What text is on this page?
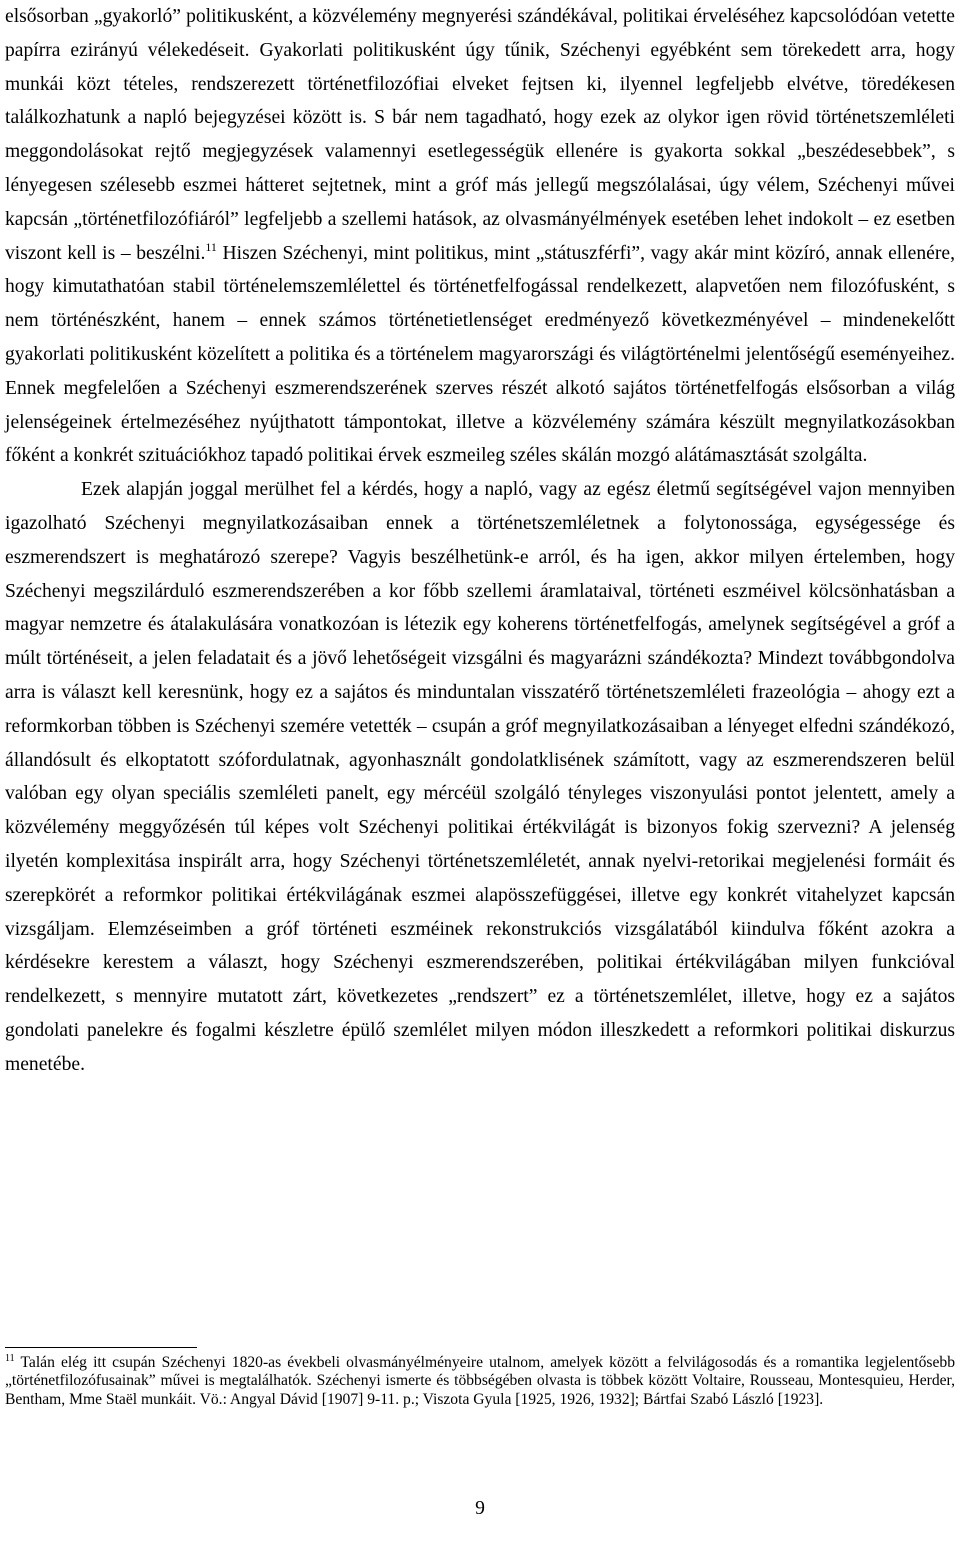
elsősorban „gyakorló” politikusként, a közvélemény megnyerési szándékával, politikai érveléséhez kapcsolódóan vetette papírra ezirányú vélekedéseit. Gyakorlati politikusként úgy tűnik, Széchenyi egyébként sem törekedett arra, hogy munkái közt tételes, rendszerezett történetfilozófiai elveket fejtsen ki, ilyennel legfeljebb elvétve, töredékesen találkozhatunk a napló bejegyzései között is. S bár nem tagadható, hogy ezek az olykor igen rövid történetszemléleti meggondolásokat rejtő megjegyzések valamennyi esetlegességük ellenére is gyakorta sokkal „beszédesebbek”, s lényegesen szélesebb eszmei hátteret sejtetnek, mint a gróf más jellegű megszólalásai, úgy vélem, Széchenyi művei kapcsán „történetfilozófiáról” legfeljebb a szellemi hatások, az olvasmányélmények esetében lehet indokolt – ez esetben viszont kell is – beszélni.$^{11}$ Hiszen Széchenyi, mint politikus, mint „státuszférfi”, vagy akár mint közíró, annak ellenére, hogy kimutathatóan stabil történelemszemlélettel és történetfelfogással rendelkezett, alapvetően nem filozófusként, s nem történészként, hanem – ennek számos történetietlenséget eredményező következményével – mindenekelőtt gyakorlati politikusként közelített a politika és a történelem magyarországi és világtörténelmi jelentőségű eseményeihez. Ennek megfelelően a Széchenyi eszmerendszerének szerves részét alkotó sajátos történetfelfogás elsősorban a világ jelenségeinek értelmezéséhez nyújthatott támpontokat, illetve a közvélemény számára készült megnyilatkozásokban főként a konkrét szituációkhoz tapadó politikai érvek eszmeileg széles skálán mozgó alátámasztását szolgálta.

Ezek alapján joggal merülhet fel a kérdés, hogy a napló, vagy az egész életmű segítségével vajon mennyiben igazolható Széchenyi megnyilatkozásaiban ennek a történetszemléletnek a folytonossága, egységessége és eszmerendszert is meghatározó szerepe? Vagyis beszélhetünk-e arról, és ha igen, akkor milyen értelemben, hogy Széchenyi megszilárduló eszmerendszerében a kor főbb szellemi áramlataival, történeti eszméivel kölcsönhatásban a magyar nemzetre és átalakulására vonatkozóan is létezik egy koherens történetfelfogás, amelynek segítségével a gróf a múlt történéseit, a jelen feladatait és a jövő lehetőségeit vizsgálni és magyarázni szándékozta? Mindezt továbbgondolva arra is választ kell keresnünk, hogy ez a sajátos és minduntalan visszatérő történetszemléleti frazeológia – ahogy ezt a reformkorban többen is Széchenyi szemére vetették – csupán a gróf megnyilatkozásaiban a lényeget elfedni szándékozó, állandósult és elkoptatott szófordulatnak, agyonhasznált gondolatklisének számított, vagy az eszmerendszeren belül valóban egy olyan speciális szemléleti panelt, egy mércéül szolgáló tényleges viszonyulási pontot jelentett, amely a közvélemény meggyőzésén túl képes volt Széchenyi politikai értékvilágát is bizonyos fokig szervezni? A jelenség ilyetén komplexitása inspirált arra, hogy Széchenyi történetszemléletét, annak nyelvi-retorikai megjelenési formáit és szerepkörét a reformkor politikai értékvilágának eszmei alapösszefüggései, illetve egy konkrét vitahelyzet kapcsán vizsgáljam. Elemzéseimben a gróf történeti eszméinek rekonstrukciós vizsgálatából kiindulva főként azokra a kérdésekre kerestem a választ, hogy Széchenyi eszmerendszerében, politikai értékvilágában milyen funkcióval rendelkezett, s mennyire mutatott zárt, következetes „rendszert” ez a történetszemlélet, illetve, hogy ez a sajátos gondolati panelekre és fogalmi készletre épülő szemlélet milyen módon illeszkedett a reformkori politikai diskurzus menetébe.

$^{11}$ Talán elég itt csupán Széchenyi 1820-as évekbeli olvasmányélményeire utalnom, amelyek között a felvilágosodás és a romantika legjelentősebb „történetfilozófusainak” művei is megtalálhatók. Széchenyi ismerte és többségében olvasta is többek között Voltaire, Rousseau, Montesquieu, Herder, Bentham, Mme Staël munkáit. Vö.: Angyal Dávid [1907] 9-11. p.; Viszota Gyula [1925, 1926, 1932]; Bártfai Szabó László [1923].

9
